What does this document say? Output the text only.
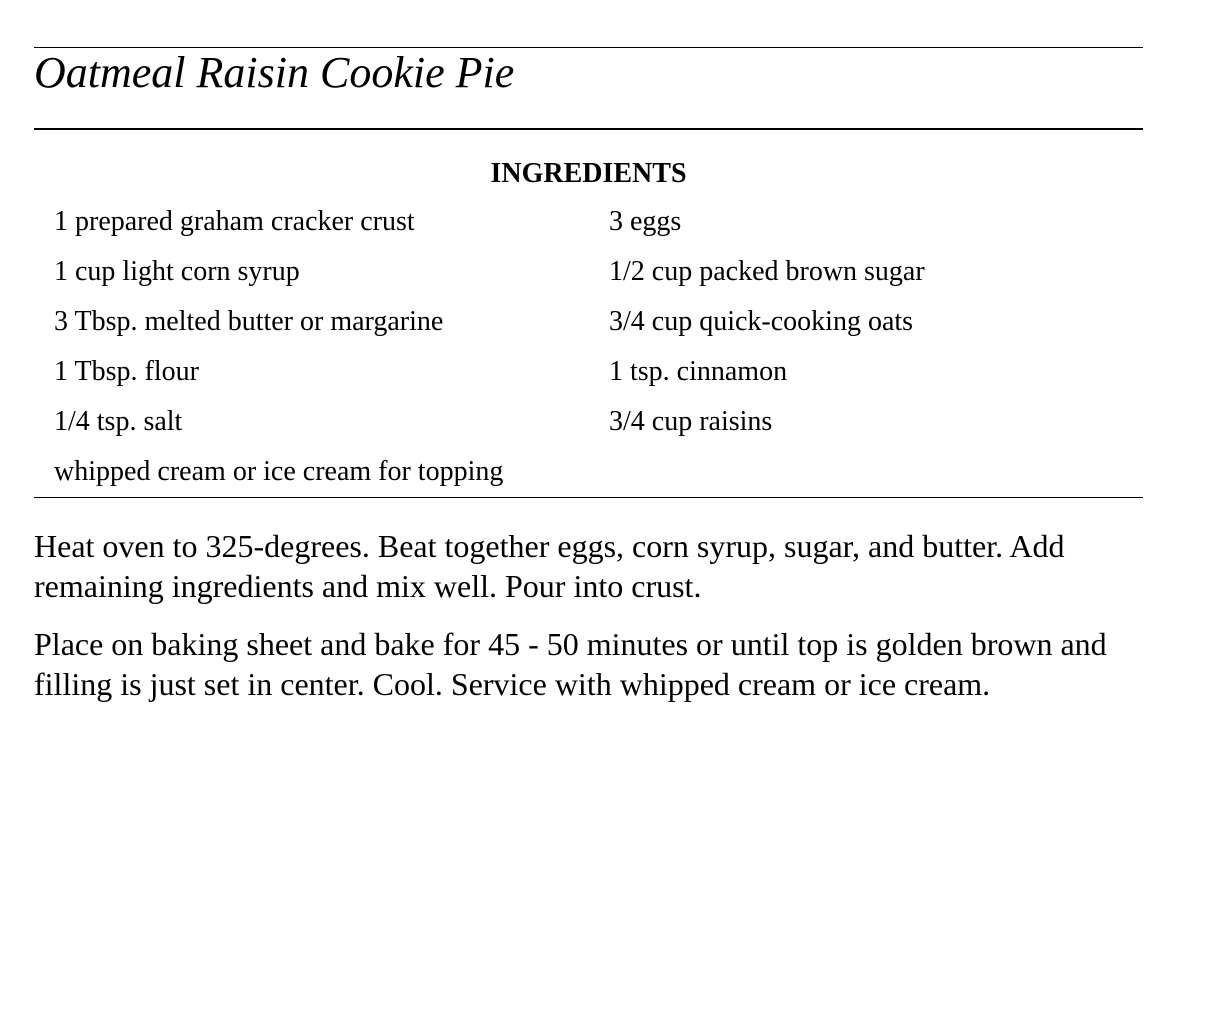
Oatmeal Raisin Cookie Pie
INGREDIENTS
1 prepared graham cracker crust	3 eggs
1 cup light corn syrup	1/2 cup packed brown sugar
3 Tbsp. melted butter or margarine	3/4 cup quick-cooking oats
1 Tbsp. flour	1 tsp. cinnamon
1/4 tsp. salt	3/4 cup raisins
whipped cream or ice cream for topping

Heat oven to 325-degrees. Beat together eggs, corn syrup, sugar, and butter. Add remaining ingredients and mix well. Pour into crust.

Place on baking sheet and bake for 45 - 50 minutes or until top is golden brown and filling is just set in center. Cool. Service with whipped cream or ice cream.
